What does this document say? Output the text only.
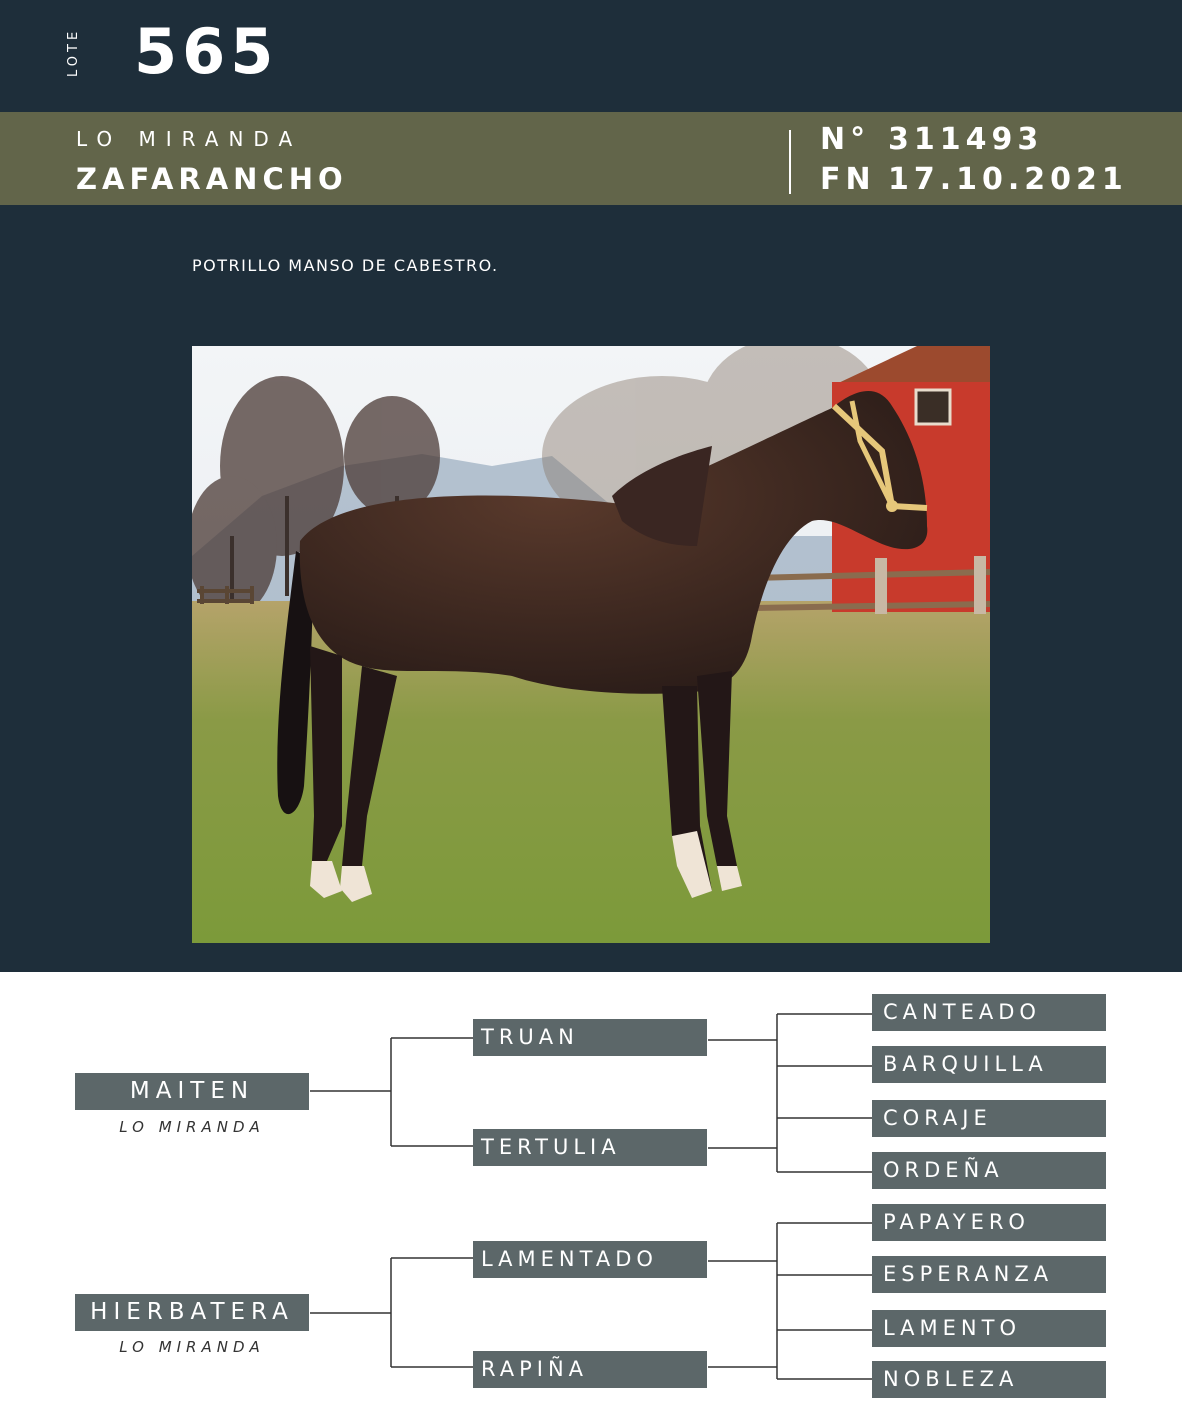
LOTE 565
LO MIRANDA
ZAFARANCHO
N° 311493
FN 17.10.2021
POTRILLO MANSO DE CABESTRO.
MAITEN
LO MIRANDA
HIERBATERA
LO MIRANDA
TRUAN
TERTULIA
LAMENTADO
RAPIÑA
CANTEADO
BARQUILLA
CORAJE
ORDEÑA
PAPAYERO
ESPERANZA
LAMENTO
NOBLEZA
